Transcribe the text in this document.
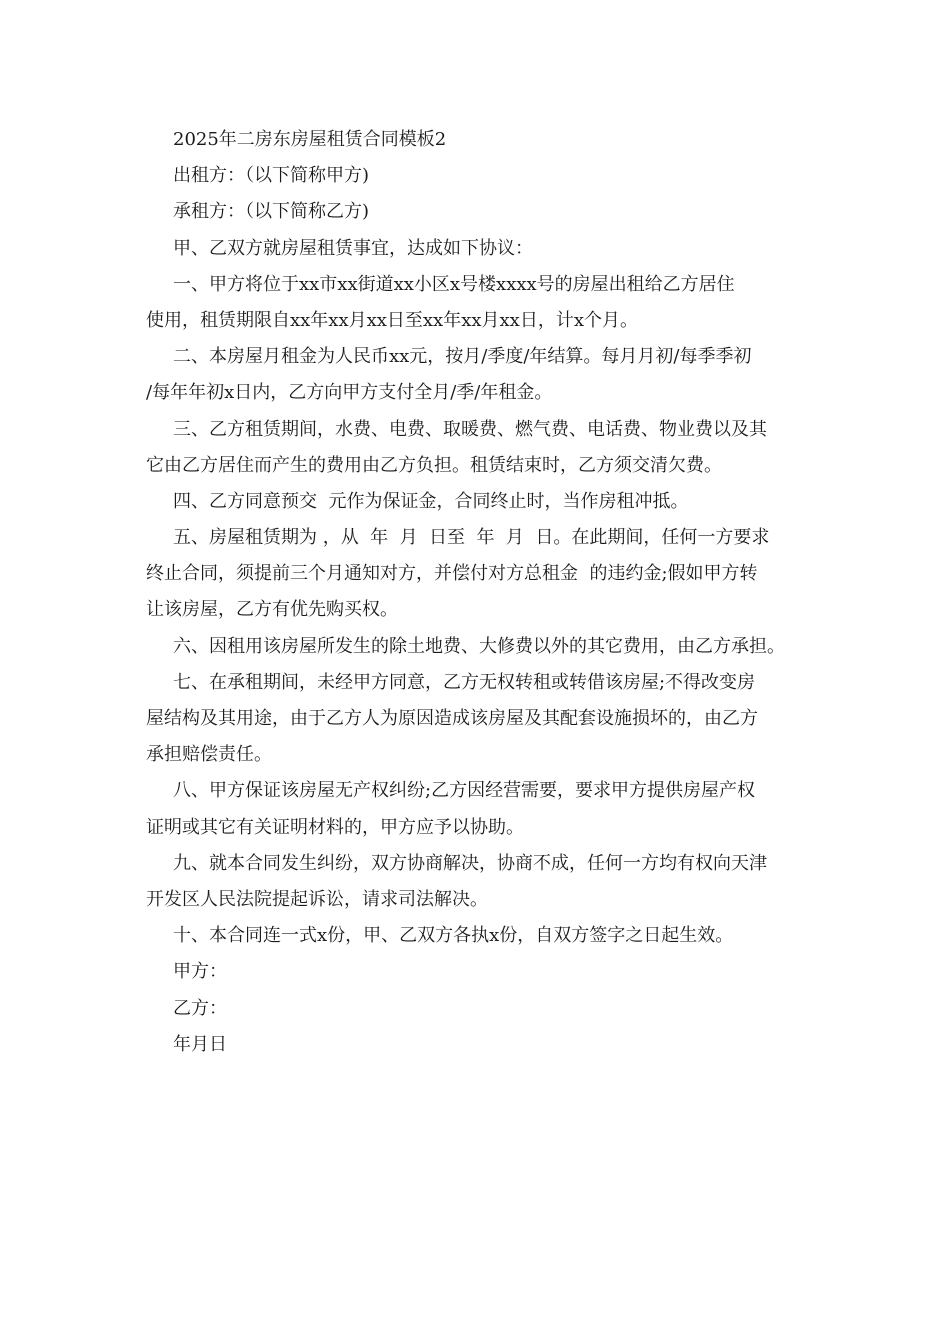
2025年二房东房屋租赁合同模板2
出租方：（以下简称甲方)
承租方：（以下简称乙方)
甲、乙双方就房屋租赁事宜，达成如下协议：
一、甲方将位于xx市xx街道xx小区x号楼xxxx号的房屋出租给乙方居住
使用，租赁期限自xx年xx月xx日至xx年xx月xx日，计x个月。
二、本房屋月租金为人民币xx元，按月/季度/年结算。每月月初/每季季初
/每年年初x日内，乙方向甲方支付全月/季/年租金。
三、乙方租赁期间，水费、电费、取暖费、燃气费、电话费、物业费以及其
它由乙方居住而产生的费用由乙方负担。租赁结束时，乙方须交清欠费。
四、乙方同意预交  元作为保证金，合同终止时，当作房租冲抵。
五、房屋租赁期为 ，从  年  月  日至  年  月  日。在此期间，任何一方要求
终止合同，须提前三个月通知对方，并偿付对方总租金  的违约金;假如甲方转
让该房屋，乙方有优先购买权。
六、因租用该房屋所发生的除土地费、大修费以外的其它费用，由乙方承担。
七、在承租期间，未经甲方同意，乙方无权转租或转借该房屋;不得改变房
屋结构及其用途，由于乙方人为原因造成该房屋及其配套设施损坏的，由乙方
承担赔偿责任。
八、甲方保证该房屋无产权纠纷;乙方因经营需要，要求甲方提供房屋产权
证明或其它有关证明材料的，甲方应予以协助。
九、就本合同发生纠纷，双方协商解决，协商不成，任何一方均有权向天津
开发区人民法院提起诉讼，请求司法解决。
十、本合同连一式x份，甲、乙双方各执x份，自双方签字之日起生效。
甲方：
乙方：
年月日
